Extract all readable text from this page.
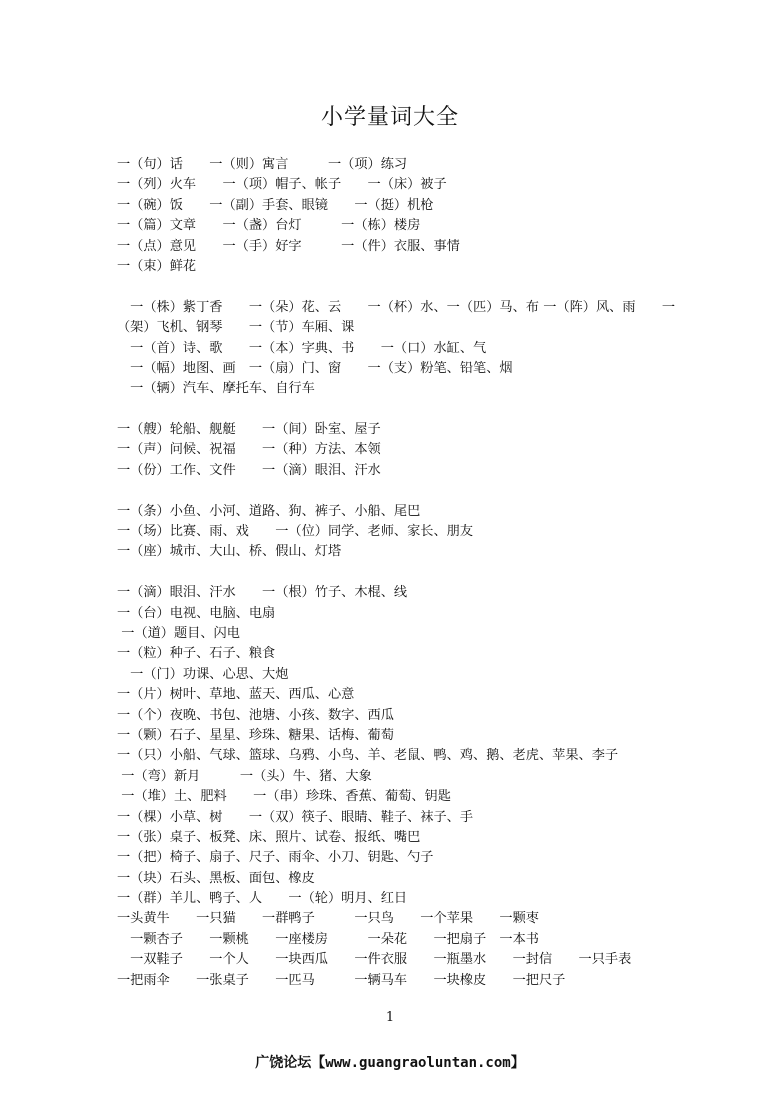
小学量词大全
一（句）话　　一（则）寓言　　　一（项）练习
一（列）火车　　一（项）帽子、帐子　　一（床）被子
一（碗）饭　　一（副）手套、眼镜　　一（挺）机枪
一（篇）文章　　一（盏）台灯　　　一（栋）楼房
一（点）意见　　一（手）好字　　　一（件）衣服、事情
一（束）鲜花
　一（株）紫丁香　　一（朵）花、云　　一（杯）水、一（匹）马、布 一（阵）风、雨　　一
（架）飞机、钢琴　　一（节）车厢、课
　一（首）诗、歌　　一（本）字典、书　　一（口）水缸、气
　一（幅）地图、画　一（扇）门、窗　　一（支）粉笔、铅笔、烟
　一（辆）汽车、摩托车、自行车
一（艘）轮船、舰艇　　一（间）卧室、屋子
一（声）问候、祝福　　一（种）方法、本领
一（份）工作、文件　　一（滴）眼泪、汗水
一（条）小鱼、小河、道路、狗、裤子、小船、尾巴
一（场）比赛、雨、戏　　一（位）同学、老师、家长、朋友
一（座）城市、大山、桥、假山、灯塔
一（滴）眼泪、汗水　　一（根）竹子、木棍、线
一（台）电视、电脑、电扇
一（道）题目、闪电
一（粒）种子、石子、粮食
　一（门）功课、心思、大炮
一（片）树叶、草地、蓝天、西瓜、心意
一（个）夜晚、书包、池塘、小孩、数字、西瓜
一（颗）石子、星星、珍珠、糖果、话梅、葡萄
一（只）小船、气球、篮球、乌鸦、小鸟、羊、老鼠、鸭、鸡、鹅、老虎、苹果、李子
一（弯）新月　　　一（头）牛、猪、大象
一（堆）土、肥料　　一（串）珍珠、香蕉、葡萄、钥匙
一（棵）小草、树　　一（双）筷子、眼睛、鞋子、袜子、手
一（张）桌子、板凳、床、照片、试卷、报纸、嘴巴
一（把）椅子、扇子、尺子、雨伞、小刀、钥匙、勺子
一（块）石头、黑板、面包、橡皮
一（群）羊儿、鸭子、人　　一（轮）明月、红日
一头黄牛　　一只猫　　一群鸭子　　　一只鸟　　一个苹果　　一颗枣
　一颗杏子　　一颗桃　　一座楼房　　　一朵花　　一把扇子　一本书
　一双鞋子　　一个人　　一块西瓜　　一件衣服　　一瓶墨水　　一封信　　一只手表
一把雨伞　　一张桌子　　一匹马　　　一辆马车　　一块橡皮　　一把尺子
1
广饶论坛【www.guangraoluntan.com】
